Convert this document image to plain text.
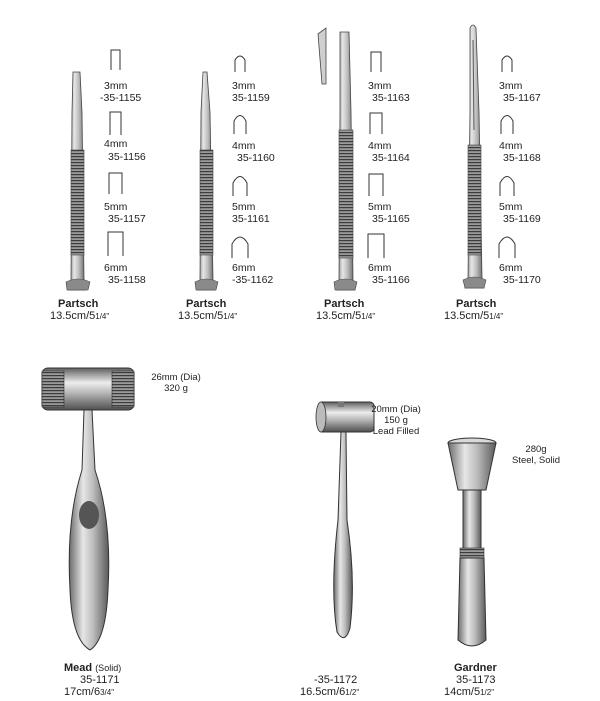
3mm
-35-1155
4mm
35-1156
5mm
35-1157
6mm
35-1158
Partsch
13.5cm/51/4"
3mm
35-1159
4mm
35-1160
5mm
35-1161
6mm
-35-1162
Partsch
13.5cm/51/4"
3mm
35-1163
4mm
35-1164
5mm
35-1165
6mm
35-1166
Partsch
13.5cm/51/4"
3mm
35-1167
4mm
35-1168
5mm
35-1169
6mm
35-1170
Partsch
13.5cm/51/4"
26mm (Dia)
320 g
Mead (Solid)
35-1171
17cm/63/4"
20mm (Dia)
150 g
Lead Filled
-35-1172
16.5cm/61/2"
280g
Steel, Solid
Gardner
35-1173
14cm/51/2"
